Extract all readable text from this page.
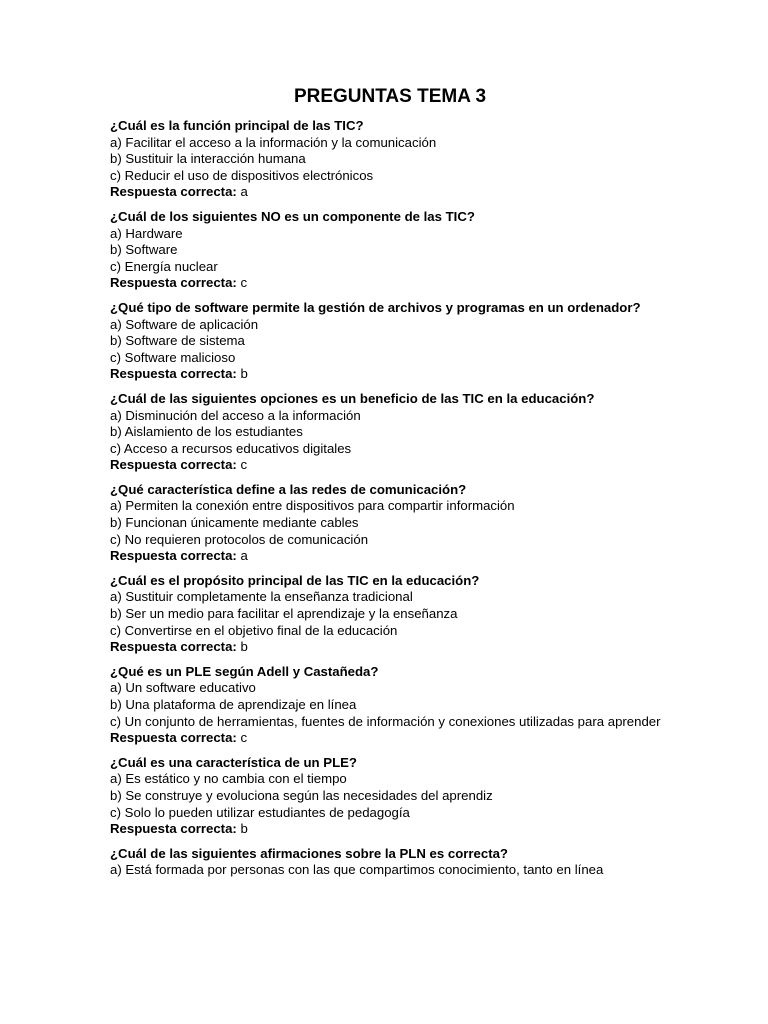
PREGUNTAS TEMA 3
¿Cuál es la función principal de las TIC?
a) Facilitar el acceso a la información y la comunicación
b) Sustituir la interacción humana
c) Reducir el uso de dispositivos electrónicos
Respuesta correcta: a
¿Cuál de los siguientes NO es un componente de las TIC?
a) Hardware
b) Software
c) Energía nuclear
Respuesta correcta: c
¿Qué tipo de software permite la gestión de archivos y programas en un ordenador?
a) Software de aplicación
b) Software de sistema
c) Software malicioso
Respuesta correcta: b
¿Cuál de las siguientes opciones es un beneficio de las TIC en la educación?
a) Disminución del acceso a la información
b) Aislamiento de los estudiantes
c) Acceso a recursos educativos digitales
Respuesta correcta: c
¿Qué característica define a las redes de comunicación?
a) Permiten la conexión entre dispositivos para compartir información
b) Funcionan únicamente mediante cables
c) No requieren protocolos de comunicación
Respuesta correcta: a
¿Cuál es el propósito principal de las TIC en la educación?
a) Sustituir completamente la enseñanza tradicional
b) Ser un medio para facilitar el aprendizaje y la enseñanza
c) Convertirse en el objetivo final de la educación
Respuesta correcta: b
¿Qué es un PLE según Adell y Castañeda?
a) Un software educativo
b) Una plataforma de aprendizaje en línea
c) Un conjunto de herramientas, fuentes de información y conexiones utilizadas para aprender
Respuesta correcta: c
¿Cuál es una característica de un PLE?
a) Es estático y no cambia con el tiempo
b) Se construye y evoluciona según las necesidades del aprendiz
c) Solo lo pueden utilizar estudiantes de pedagogía
Respuesta correcta: b
¿Cuál de las siguientes afirmaciones sobre la PLN es correcta?
a) Está formada por personas con las que compartimos conocimiento, tanto en línea
